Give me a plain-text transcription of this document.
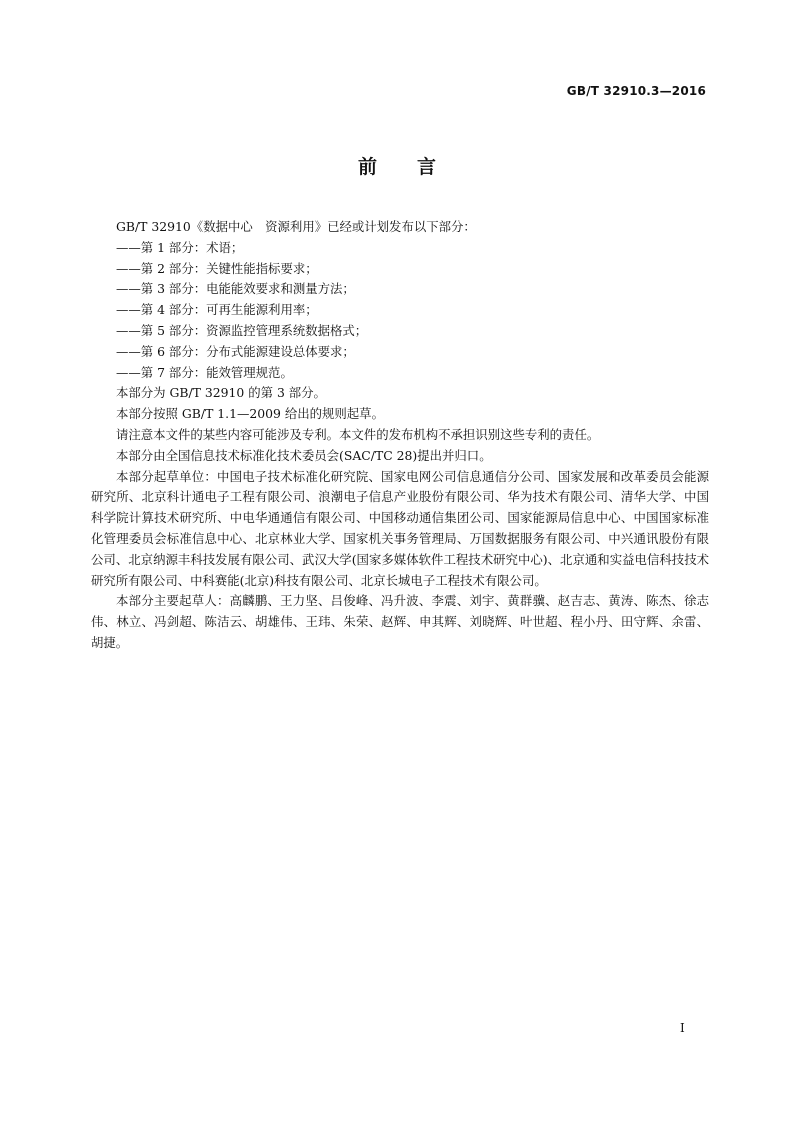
GB/T 32910.3—2016
前 言

GB/T 32910《数据中心　资源利用》已经或计划发布以下部分：

——第 1 部分：术语；

——第 2 部分：关键性能指标要求；

——第 3 部分：电能能效要求和测量方法；

——第 4 部分：可再生能源利用率；

——第 5 部分：资源监控管理系统数据格式；

——第 6 部分：分布式能源建设总体要求；

——第 7 部分：能效管理规范。

本部分为 GB/T 32910 的第 3 部分。

本部分按照 GB/T 1.1—2009 给出的规则起草。

请注意本文件的某些内容可能涉及专利。本文件的发布机构不承担识别这些专利的责任。

本部分由全国信息技术标准化技术委员会(SAC/TC 28)提出并归口。

本部分起草单位：中国电子技术标准化研究院、国家电网公司信息通信分公司、国家发展和改革委员会能源研究所、北京科计通电子工程有限公司、浪潮电子信息产业股份有限公司、华为技术有限公司、清华大学、中国科学院计算技术研究所、中电华通通信有限公司、中国移动通信集团公司、国家能源局信息中心、中国国家标准化管理委员会标准信息中心、北京林业大学、国家机关事务管理局、万国数据服务有限公司、中兴通讯股份有限公司、北京纳源丰科技发展有限公司、武汉大学(国家多媒体软件工程技术研究中心)、北京通和实益电信科技技术研究所有限公司、中科赛能(北京)科技有限公司、北京长城电子工程技术有限公司。

本部分主要起草人：高麟鹏、王力坚、吕俊峰、冯升波、李震、刘宇、黄群骥、赵吉志、黄涛、陈杰、徐志伟、林立、冯剑超、陈洁云、胡雄伟、王玮、朱荣、赵辉、申其辉、刘晓辉、叶世超、程小丹、田守辉、余雷、胡捷。

I
